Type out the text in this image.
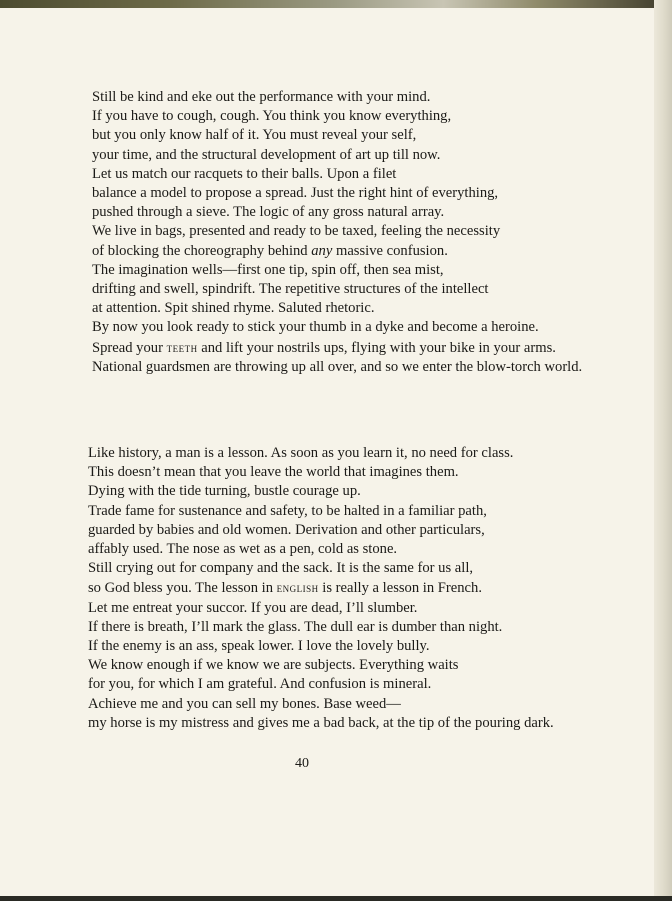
Still be kind and eke out the performance with your mind.
If you have to cough, cough. You think you know everything,
but you only know half of it. You must reveal your self,
your time, and the structural development of art up till now.
Let us match our racquets to their balls. Upon a filet
balance a model to propose a spread. Just the right hint of everything,
pushed through a sieve. The logic of any gross natural array.
We live in bags, presented and ready to be taxed, feeling the necessity
of blocking the choreography behind any massive confusion.
The imagination wells—first one tip, spin off, then sea mist,
drifting and swell, spindrift. The repetitive structures of the intellect
at attention. Spit shined rhyme. Saluted rhetoric.
By now you look ready to stick your thumb in a dyke and become a heroine.
Spread your teeth and lift your nostrils ups, flying with your bike in your arms.
National guardsmen are throwing up all over, and so we enter the blow-torch world.
Like history, a man is a lesson. As soon as you learn it, no need for class.
This doesn’t mean that you leave the world that imagines them.
Dying with the tide turning, bustle courage up.
Trade fame for sustenance and safety, to be halted in a familiar path,
guarded by babies and old women. Derivation and other particulars,
affably used. The nose as wet as a pen, cold as stone.
Still crying out for company and the sack. It is the same for us all,
so God bless you. The lesson in english is really a lesson in French.
Let me entreat your succor. If you are dead, I’ll slumber.
If there is breath, I’ll mark the glass. The dull ear is dumber than night.
If the enemy is an ass, speak lower. I love the lovely bully.
We know enough if we know we are subjects. Everything waits
for you, for which I am grateful. And confusion is mineral.
Achieve me and you can sell my bones. Base weed—
my horse is my mistress and gives me a bad back, at the tip of the pouring dark.
40
